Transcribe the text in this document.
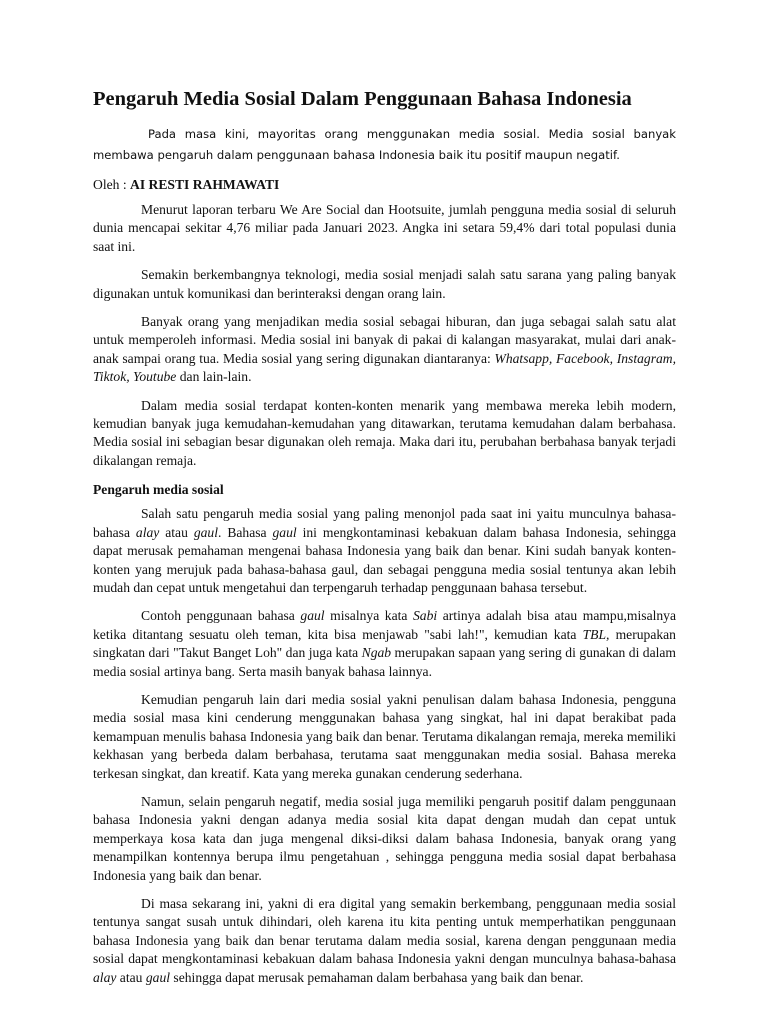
Pengaruh Media Sosial Dalam Penggunaan Bahasa Indonesia

Pada masa kini, mayoritas orang menggunakan media sosial. Media sosial banyak membawa pengaruh dalam penggunaan bahasa Indonesia baik itu positif maupun negatif.

Oleh : AI RESTI RAHMAWATI

Menurut laporan terbaru We Are Social dan Hootsuite, jumlah pengguna media sosial di seluruh dunia mencapai sekitar 4,76 miliar pada Januari 2023. Angka ini setara 59,4% dari total populasi dunia saat ini.

Semakin berkembangnya teknologi, media sosial menjadi salah satu sarana yang paling banyak digunakan untuk komunikasi dan berinteraksi dengan orang lain.

Banyak orang yang menjadikan media sosial sebagai hiburan, dan juga sebagai salah satu alat untuk memperoleh informasi. Media sosial ini banyak di pakai di kalangan masyarakat, mulai dari anak-anak sampai orang tua. Media sosial yang sering digunakan diantaranya: Whatsapp, Facebook, Instagram, Tiktok, Youtube dan lain-lain.

Dalam media sosial terdapat konten-konten menarik yang membawa mereka lebih modern, kemudian banyak juga kemudahan-kemudahan yang ditawarkan, terutama kemudahan dalam berbahasa. Media sosial ini sebagian besar digunakan oleh remaja. Maka dari itu, perubahan berbahasa banyak terjadi dikalangan remaja.

Pengaruh media sosial

Salah satu pengaruh media sosial yang paling menonjol pada saat ini yaitu munculnya bahasa-bahasa alay atau gaul. Bahasa gaul ini mengkontaminasi kebakuan dalam bahasa Indonesia, sehingga dapat merusak pemahaman mengenai bahasa Indonesia yang baik dan benar. Kini sudah banyak konten-konten yang merujuk pada bahasa-bahasa gaul, dan sebagai pengguna media sosial tentunya akan lebih mudah dan cepat untuk mengetahui dan terpengaruh terhadap penggunaan bahasa tersebut.

Contoh penggunaan bahasa gaul misalnya kata Sabi artinya adalah bisa atau mampu,misalnya ketika ditantang sesuatu oleh teman, kita bisa menjawab "sabi lah!", kemudian kata TBL, merupakan singkatan dari "Takut Banget Loh" dan juga kata Ngab merupakan sapaan yang sering di gunakan di dalam media sosial artinya bang. Serta masih banyak bahasa lainnya.

Kemudian pengaruh lain dari media sosial yakni penulisan dalam bahasa Indonesia, pengguna media sosial masa kini cenderung menggunakan bahasa yang singkat, hal ini dapat berakibat pada kemampuan menulis bahasa Indonesia yang baik dan benar. Terutama dikalangan remaja, mereka memiliki kekhasan yang berbeda dalam berbahasa, terutama saat menggunakan media sosial. Bahasa mereka terkesan singkat, dan kreatif. Kata yang mereka gunakan cenderung sederhana.

Namun, selain pengaruh negatif, media sosial juga memiliki pengaruh positif dalam penggunaan bahasa Indonesia yakni dengan adanya media sosial kita dapat dengan mudah dan cepat untuk memperkaya kosa kata dan juga mengenal diksi-diksi dalam bahasa Indonesia, banyak orang yang menampilkan kontennya berupa ilmu pengetahuan , sehingga pengguna media sosial dapat berbahasa Indonesia yang baik dan benar.

Di masa sekarang ini, yakni di era digital yang semakin berkembang, penggunaan media sosial tentunya sangat susah untuk dihindari, oleh karena itu kita penting untuk memperhatikan penggunaan bahasa Indonesia yang baik dan benar terutama dalam media sosial, karena dengan penggunaan media sosial dapat mengkontaminasi kebakuan dalam bahasa Indonesia yakni dengan munculnya bahasa-bahasa alay atau gaul sehingga dapat merusak pemahaman dalam berbahasa yang baik dan benar.
